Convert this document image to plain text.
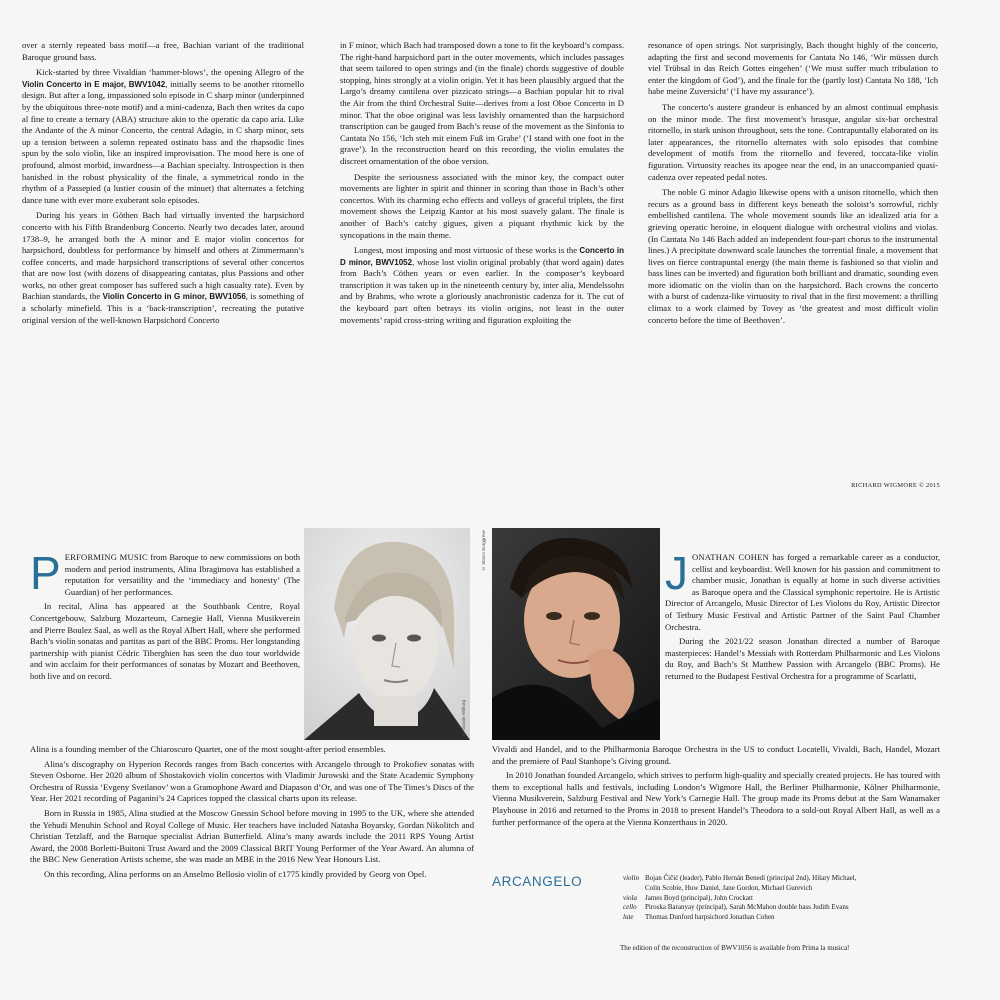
over a sternly repeated bass motif—a free, Bachian variant of the traditional Baroque ground bass.

Kick-started by three Vivaldian ‘hammer-blows’, the opening Allegro of the Violin Concerto in E major, BWV1042, initially seems to be another ritornello design. But after a long, impassioned solo episode in C sharp minor (underpinned by the ubiquitous three-note motif) and a mini-cadenza, Bach then writes da capo al fine to create a ternary (ABA) structure akin to the operatic da capo aria. Like the Andante of the A minor Concerto, the central Adagio, in C sharp minor, sets up a tension between a solemn repeated ostinato bass and the rhapsodic lines spun by the solo violin, like an inspired improvisation. The mood here is one of profound, almost morbid, inwardness—a Bachian specialty. Introspection is then banished in the robust physicality of the finale, a symmetrical rondo in the rhythm of a Passepied (a lustier cousin of the minuet) that alternates a fetching dance tune with ever more exuberant solo episodes.

During his years in Göthen Bach had virtually invented the harpsichord concerto with his Fifth Brandenburg Concerto. Nearly two decades later, around 1738–9, he arranged both the A minor and E major violin concertos for harpsichord, doubtless for performance by himself and others at Zimmermann’s coffee concerts, and made harpsichord transcriptions of several other concertos that are now lost (with dozens of disappearing cantatas, plus Passions and other works, no other great composer has suffered such a high casualty rate). Even by Bachian standards, the Violin Concerto in G minor, BWV1056, is something of a scholarly minefield. This is a ‘back-transcription’, recreating the putative original version of the well-known Harpsichord Concerto

in F minor, which Bach had transposed down a tone to fit the keyboard’s compass. The right-hand harpsichord part in the outer movements, which includes passages that seem tailored to open strings and (in the finale) chords suggestive of double stopping, hints strongly at a violin origin. Yet it has been plausibly argued that the Largo’s dreamy cantilena over pizzicato strings—a Bachian popular hit to rival the Air from the third Orchestral Suite—derives from a lost Oboe Concerto in D minor. That the oboe original was less lavishly ornamented than the harpsichord transcription can be gauged from Bach’s reuse of the movement as the Sinfonia to Cantata No 156, ‘Ich steh mit einem Fuß im Grabe’ (‘I stand with one foot in the grave’). In the reconstruction heard on this recording, the violin emulates the discreet ornamentation of the oboe version.

Despite the seriousness associated with the minor key, the compact outer movements are lighter in spirit and thinner in scoring than those in Bach’s other concertos. With its charming echo effects and volleys of graceful triplets, the first movement shows the Leipzig Kantor at his most suavely galant. The finale is another of Bach’s catchy gigues, given a piquant rhythmic kick by the syncopations in the main theme.

Longest, most imposing and most virtuosic of these works is the Concerto in D minor, BWV1052, whose lost violin original probably (that word again) dates from Bach’s Cöthen years or even earlier. In the composer’s keyboard transcription it was taken up in the nineteenth century by, inter alia, Mendelssohn and by Brahms, who wrote a gloriously anachronistic cadenza for it. The cut of the keyboard part often betrays its violin origins, not least in the outer movements’ rapid cross-string writing and figuration exploiting the

resonance of open strings. Not surprisingly, Bach thought highly of the concerto, adapting the first and second movements for Cantata No 146, ‘Wir müssen durch viel Trübsal in das Reich Gottes eingehen’ (‘We must suffer much tribulation to enter the kingdom of God’), and the finale for the (partly lost) Cantata No 188, ‘Ich habe meine Zuversicht’ (‘I have my assurance’).

The concerto’s austere grandeur is enhanced by an almost continual emphasis on the minor mode. The first movement’s brusque, angular six-bar orchestral ritornello, in stark unison throughout, sets the tone. Contrapuntally elaborated on its later appearances, the ritornello alternates with solo episodes that combine development of motifs from the ritornello and fevered, toccata-like violin figuration. Virtuosity reaches its apogee near the end, in an unaccompanied quasi-cadenza over repeated pedal notes.

The noble G minor Adagio likewise opens with a unison ritornello, which then recurs as a ground bass in different keys beneath the soloist’s sorrowful, richly embellished cantilena. The whole movement sounds like an idealized aria for a grieving operatic heroine, in eloquent dialogue with orchestral violins and violas. (In Cantata No 146 Bach added an independent four-part chorus to the instrumental lines.) A precipitate downward scale launches the torrential finale, a movement that lives on fierce contrapuntal energy (the main theme is fashioned so that violin and bass lines can be inverted) and figuration both brilliant and dramatic, sounding even more idiomatic on the violin than on the harpsichord. Bach crowns the concerto with a burst of cadenza-like virtuosity to rival that in the first movement: a thrilling climax to a work claimed by Tovey as ‘the greatest and most difficult violin concerto before the time of Beethoven’.

RICHARD WIGMORE © 2015
© Sussie Ahlburg
© Marco Borggreve

PERFORMING MUSIC from Baroque to new commissions on both modern and period instruments, Alina Ibragimova has established a reputation for versatility and the ‘immediacy and honesty’ (The Guardian) of her performances.

In recital, Alina has appeared at the Southbank Centre, Royal Concertgebouw, Salzburg Mozarteum, Carnegie Hall, Vienna Musikverein and Pierre Boulez Saal, as well as the Royal Albert Hall, where she performed Bach’s violin sonatas and partitas as part of the BBC Proms. Her longstanding partnership with pianist Cédric Tiberghien has seen the duo tour worldwide and win acclaim for their performances of sonatas by Mozart and Beethoven, both live and on record.

Alina is a founding member of the Chiaroscuro Quartet, one of the most sought-after period ensembles.

Alina’s discography on Hyperion Records ranges from Bach concertos with Arcangelo through to Prokofiev sonatas with Steven Osborne. Her 2020 album of Shostakovich violin concertos with Vladimir Jurowski and the State Academic Symphony Orchestra of Russia ‘Evgeny Svetlanov’ won a Gramophone Award and Diapason d’Or, and was one of The Times’s Discs of the Year. Her 2021 recording of Paganini’s 24 Caprices topped the classical charts upon its release.

Born in Russia in 1985, Alina studied at the Moscow Gnessin School before moving in 1995 to the UK, where she attended the Yehudi Menuhin School and Royal College of Music. Her teachers have included Natasha Boyarsky, Gordan Nikolitch and Christian Tetzlaff, and the Baroque specialist Adrian Butterfield. Alina’s many awards include the 2011 RPS Young Artist Award, the 2008 Borletti-Buitoni Trust Award and the 2009 Classical BRIT Young Performer of the Year Award. An alumna of the BBC New Generation Artists scheme, she was made an MBE in the 2016 New Year Honours List.

On this recording, Alina performs on an Anselmo Bellosio violin of c1775 kindly provided by Georg von Opel.

JONATHAN COHEN has forged a remarkable career as a conductor, cellist and keyboardist. Well known for his passion and commitment to chamber music, Jonathan is equally at home in such diverse activities as Baroque opera and the Classical symphonic repertoire. He is Artistic Director of Arcangelo, Music Director of Les Violons du Roy, Artistic Director of Tetbury Music Festival and Artistic Partner of the Saint Paul Chamber Orchestra.

During the 2021/22 season Jonathan directed a number of Baroque masterpieces: Handel’s Messiah with Rotterdam Philharmonic and Les Violons du Roy, and Bach’s St Matthew Passion with Arcangelo (BBC Proms). He returned to the Budapest Festival Orchestra for a programme of Scarlatti,

Vivaldi and Handel, and to the Philharmonia Baroque Orchestra in the US to conduct Locatelli, Vivaldi, Bach, Handel, Mozart and the premiere of Paul Stanhope’s Giving ground.

In 2010 Jonathan founded Arcangelo, which strives to perform high-quality and specially created projects. He has toured with them to exceptional halls and festivals, including London’s Wigmore Hall, the Berliner Philharmonie, Kölner Philharmonie, Vienna Musikverein, Salzburg Festival and New York’s Carnegie Hall. The group made its Proms debut at the Sam Wanamaker Playhouse in 2016 and returned to the Proms in 2018 to present Handel’s Theodora to a sold-out Royal Albert Hall, as well as a further performance of the opera at the Vienna Konzerthaus in 2020.

ARCANGELO	violin Bojan Čičić (leader), Pablo Hernán Benedí (principal 2nd), Hilary Michael,
Colin Scobie, Huw Daniel, Jane Gordon, Michael Gurevich
viola James Boyd (principal), John Crockatt
cello Piroska Baranyay (principal), Sarah McMahon double bass Judith Evans
lute Thomas Dunford harpsichord Jonathan Cohen
The edition of the reconstruction of BWV1056 is available from Prima la musica!
